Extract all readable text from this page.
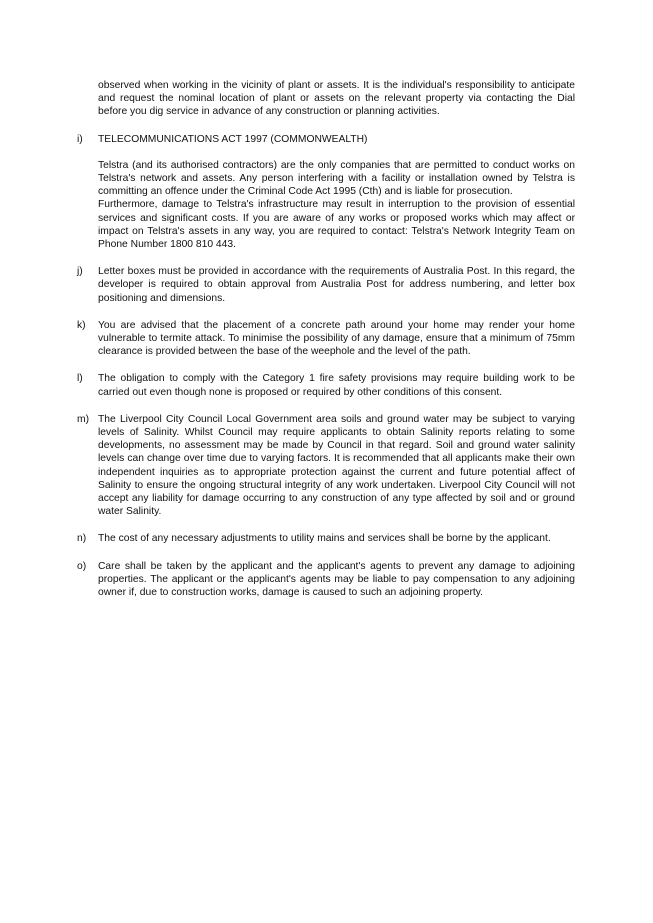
observed when working in the vicinity of plant or assets. It is the individual's responsibility to anticipate and request the nominal location of plant or assets on the relevant property via contacting the Dial before you dig service in advance of any construction or planning activities.

i) TELECOMMUNICATIONS ACT 1997 (COMMONWEALTH)

Telstra (and its authorised contractors) are the only companies that are permitted to conduct works on Telstra's network and assets. Any person interfering with a facility or installation owned by Telstra is committing an offence under the Criminal Code Act 1995 (Cth) and is liable for prosecution.

Furthermore, damage to Telstra's infrastructure may result in interruption to the provision of essential services and significant costs. If you are aware of any works or proposed works which may affect or impact on Telstra's assets in any way, you are required to contact: Telstra's Network Integrity Team on Phone Number 1800 810 443.

j) Letter boxes must be provided in accordance with the requirements of Australia Post. In this regard, the developer is required to obtain approval from Australia Post for address numbering, and letter box positioning and dimensions.

k) You are advised that the placement of a concrete path around your home may render your home vulnerable to termite attack. To minimise the possibility of any damage, ensure that a minimum of 75mm clearance is provided between the base of the weephole and the level of the path.

l) The obligation to comply with the Category 1 fire safety provisions may require building work to be carried out even though none is proposed or required by other conditions of this consent.

m) The Liverpool City Council Local Government area soils and ground water may be subject to varying levels of Salinity. Whilst Council may require applicants to obtain Salinity reports relating to some developments, no assessment may be made by Council in that regard. Soil and ground water salinity levels can change over time due to varying factors. It is recommended that all applicants make their own independent inquiries as to appropriate protection against the current and future potential affect of Salinity to ensure the ongoing structural integrity of any work undertaken. Liverpool City Council will not accept any liability for damage occurring to any construction of any type affected by soil and or ground water Salinity.

n) The cost of any necessary adjustments to utility mains and services shall be borne by the applicant.

o) Care shall be taken by the applicant and the applicant's agents to prevent any damage to adjoining properties. The applicant or the applicant's agents may be liable to pay compensation to any adjoining owner if, due to construction works, damage is caused to such an adjoining property.
